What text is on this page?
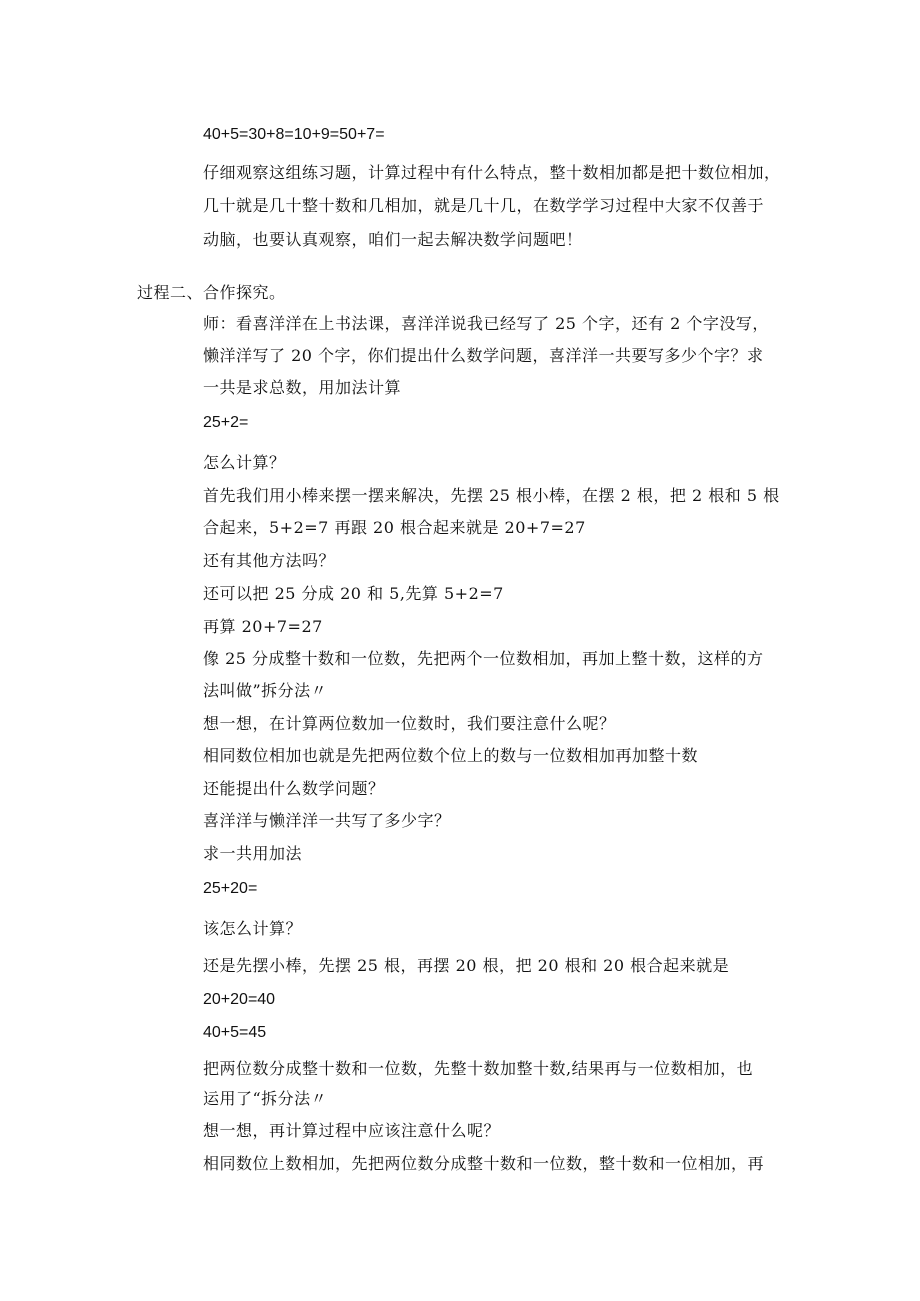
40+5=30+8=10+9=50+7=

仔细观察这组练习题，计算过程中有什么特点，整十数相加都是把十数位相加，

几十就是几十整十数和几相加，就是几十几，在数学学习过程中大家不仅善于

动脑，也要认真观察，咱们一起去解决数学问题吧！

过程二、合作探究。

师：看喜洋洋在上书法课，喜洋洋说我已经写了 25 个字，还有 2 个字没写，

懒洋洋写了 20 个字，你们提出什么数学问题，喜洋洋一共要写多少个字？求

一共是求总数，用加法计算

25+2=

怎么计算？

首先我们用小棒来摆一摆来解决，先摆 25 根小棒，在摆 2 根，把 2 根和 5 根

合起来，5+2=7 再跟 20 根合起来就是 20+7=27

还有其他方法吗？

还可以把 25 分成 20 和 5,先算 5+2=7

再算 20+7=27

像 25 分成整十数和一位数，先把两个一位数相加，再加上整十数，这样的方

法叫做”拆分法〃

想一想，在计算两位数加一位数时，我们要注意什么呢？

相同数位相加也就是先把两位数个位上的数与一位数相加再加整十数

还能提出什么数学问题？

喜洋洋与懒洋洋一共写了多少字？

求一共用加法

25+20=

该怎么计算？

还是先摆小棒，先摆 25 根，再摆 20 根，把 20 根和 20 根合起来就是

20+20=40

40+5=45

把两位数分成整十数和一位数，先整十数加整十数,结果再与一位数相加，也

运用了“拆分法〃

想一想，再计算过程中应该注意什么呢？

相同数位上数相加，先把两位数分成整十数和一位数，整十数和一位相加，再
